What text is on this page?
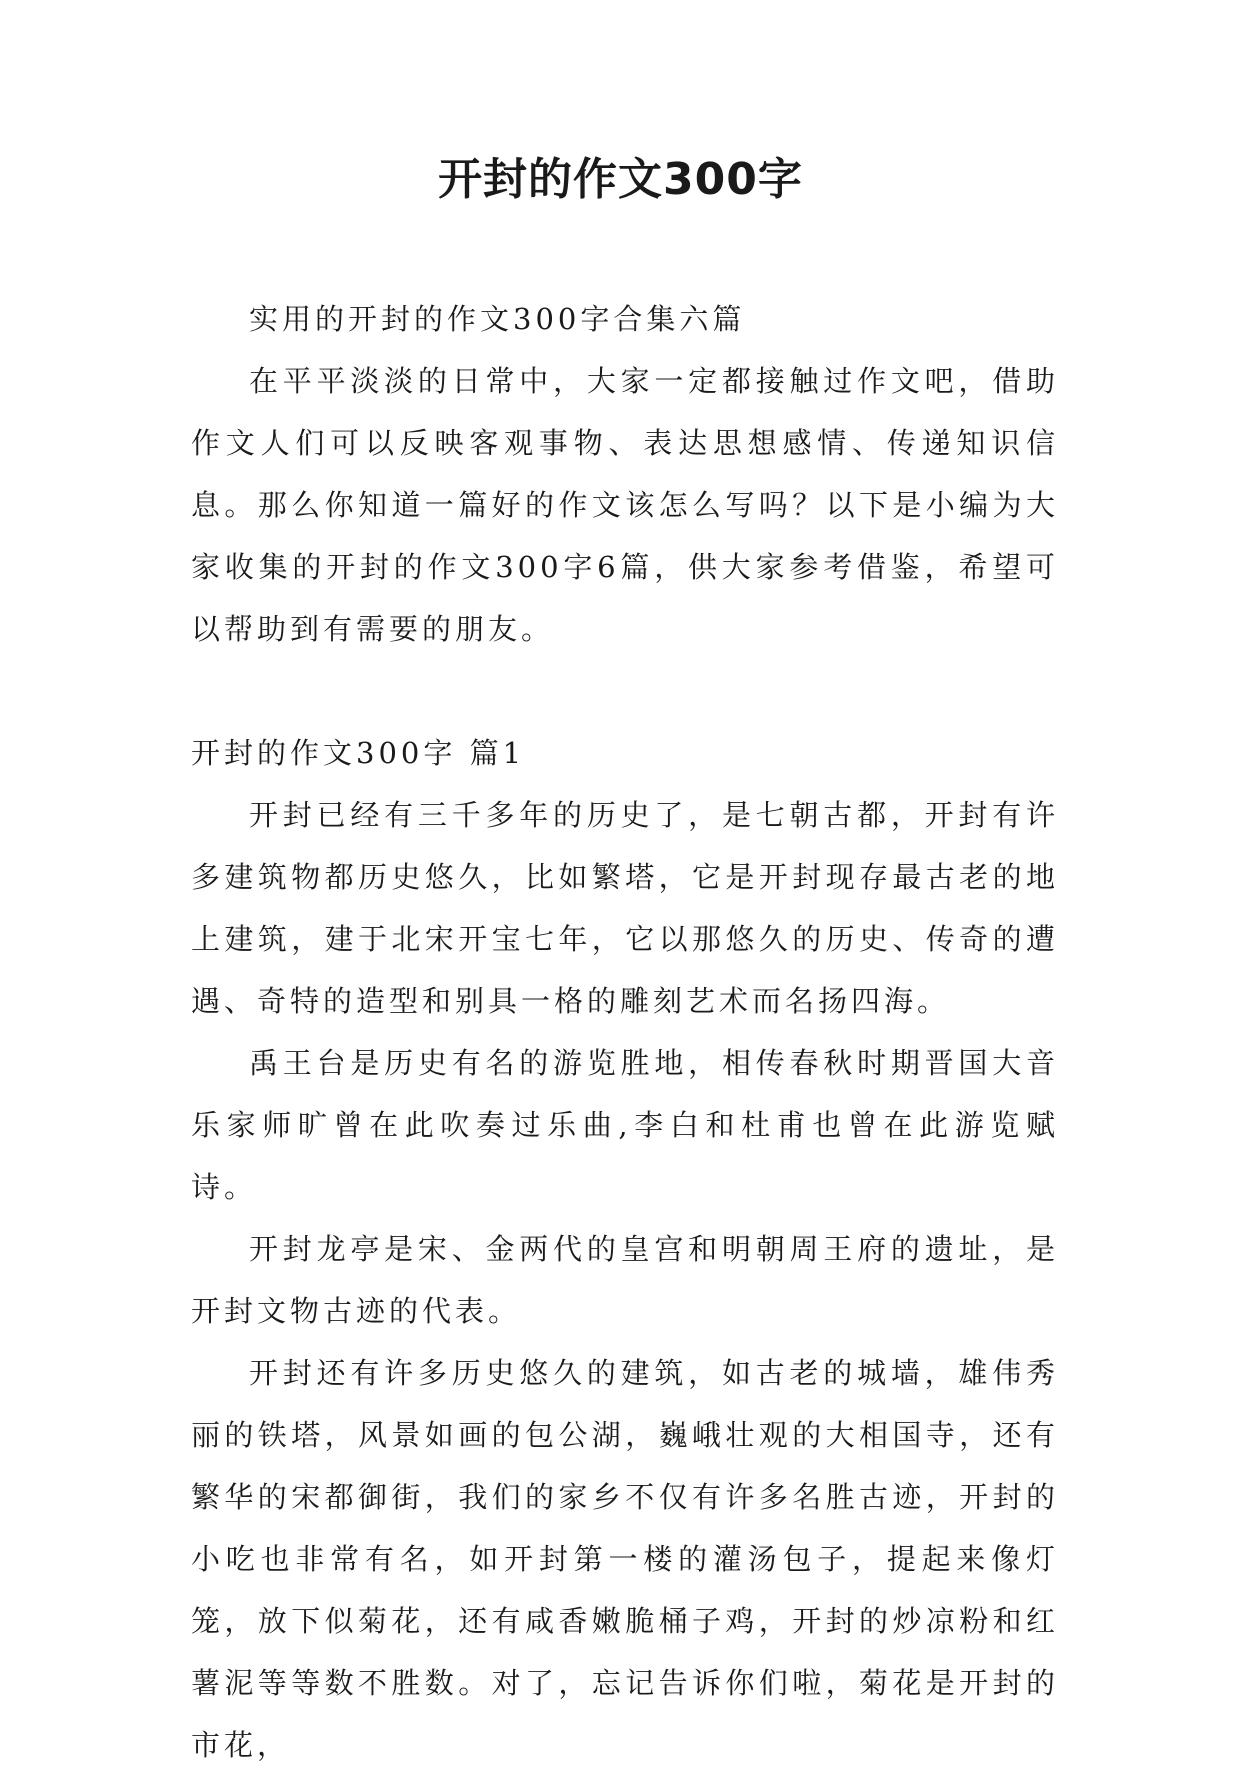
开封的作文300字

实用的开封的作文300字合集六篇

在平平淡淡的日常中，大家一定都接触过作文吧，借助作文人们可以反映客观事物、表达思想感情、传递知识信息。那么你知道一篇好的作文该怎么写吗？以下是小编为大家收集的开封的作文300字6篇，供大家参考借鉴，希望可以帮助到有需要的朋友。

开封的作文300字 篇1

开封已经有三千多年的历史了，是七朝古都，开封有许多建筑物都历史悠久，比如繁塔，它是开封现存最古老的地上建筑，建于北宋开宝七年，它以那悠久的历史、传奇的遭遇、奇特的造型和别具一格的雕刻艺术而名扬四海。

禹王台是历史有名的游览胜地，相传春秋时期晋国大音乐家师旷曾在此吹奏过乐曲,李白和杜甫也曾在此游览赋诗。

开封龙亭是宋、金两代的皇宫和明朝周王府的遗址，是开封文物古迹的代表。

开封还有许多历史悠久的建筑，如古老的城墙，雄伟秀丽的铁塔，风景如画的包公湖，巍峨壮观的大相国寺，还有繁华的宋都御街，我们的家乡不仅有许多名胜古迹，开封的小吃也非常有名，如开封第一楼的灌汤包子，提起来像灯笼，放下似菊花，还有咸香嫩脆桶子鸡，开封的炒凉粉和红薯泥等等数不胜数。对了，忘记告诉你们啦，菊花是开封的市花，
